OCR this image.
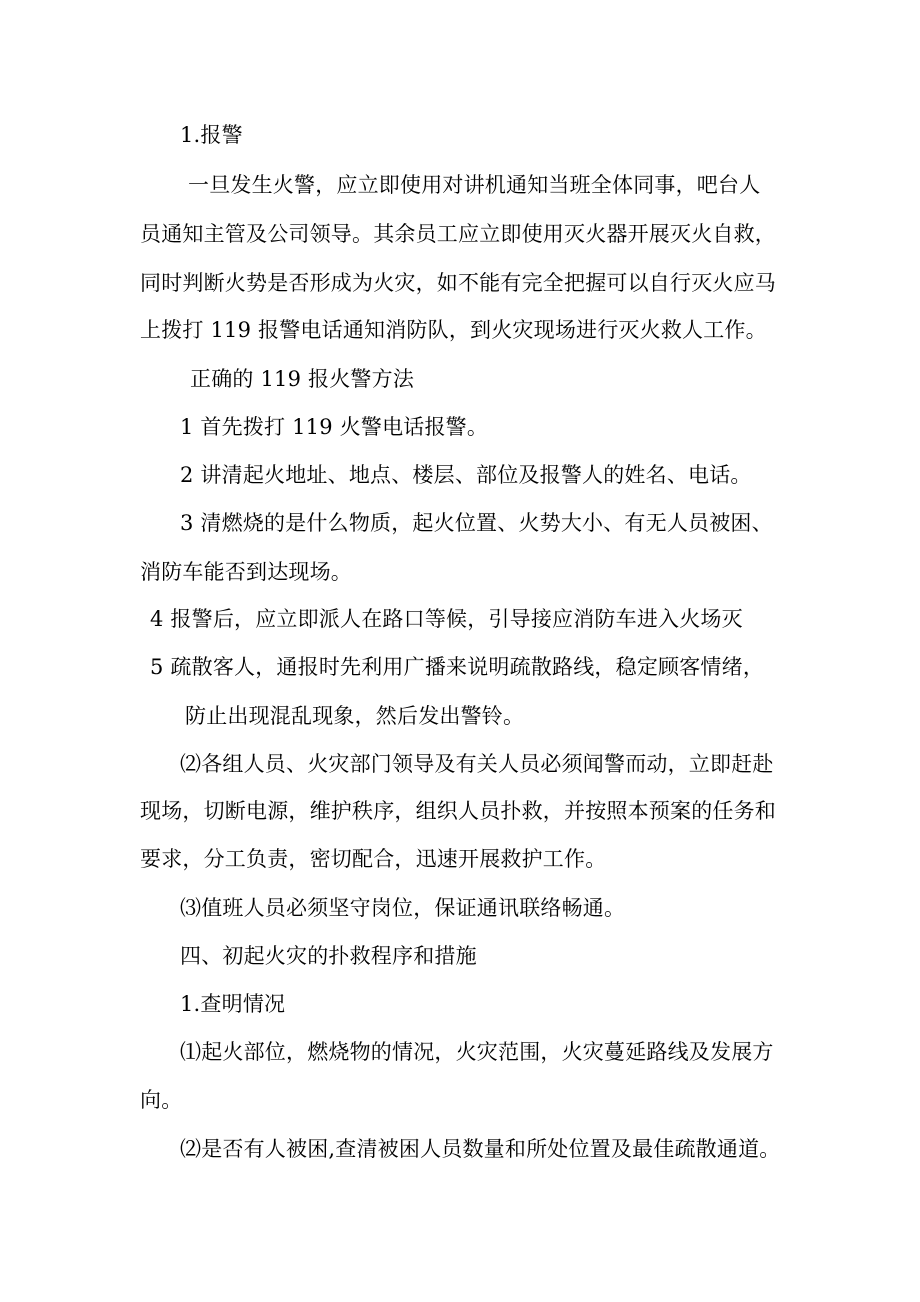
1.报警
一旦发生火警，应立即使用对讲机通知当班全体同事，吧台人
员通知主管及公司领导。其余员工应立即使用灭火器开展灭火自救，
同时判断火势是否形成为火灾，如不能有完全把握可以自行灭火应马
上拨打 119 报警电话通知消防队，到火灾现场进行灭火救人工作。
正确的 119 报火警方法
1 首先拨打 119 火警电话报警。
2 讲清起火地址、地点、楼层、部位及报警人的姓名、电话。
3 清燃烧的是什么物质，起火位置、火势大小、有无人员被困、
消防车能否到达现场。
4 报警后，应立即派人在路口等候，引导接应消防车进入火场灭
5 疏散客人，通报时先利用广播来说明疏散路线，稳定顾客情绪，
防止出现混乱现象，然后发出警铃。
⑵各组人员、火灾部门领导及有关人员必须闻警而动，立即赶赴
现场，切断电源，维护秩序，组织人员扑救，并按照本预案的任务和
要求，分工负责，密切配合，迅速开展救护工作。
⑶值班人员必须坚守岗位，保证通讯联络畅通。
四、初起火灾的扑救程序和措施
1.查明情况
⑴起火部位，燃烧物的情况，火灾范围，火灾蔓延路线及发展方
向。
⑵是否有人被困,查清被困人员数量和所处位置及最佳疏散通道。
